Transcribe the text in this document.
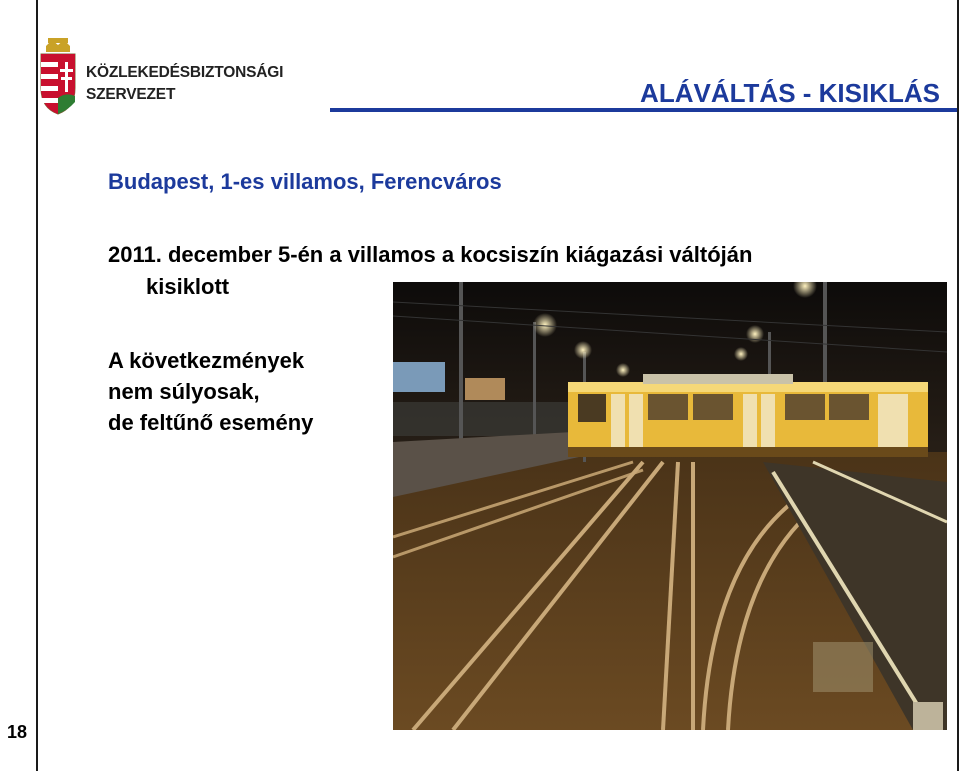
18
KÖZLEKEDÉSBIZTONSÁGI
SZERVEZET	ALÁVÁLTÁS - KISIKLÁS
Budapest, 1-es villamos, Ferencváros
2011. december 5-én a villamos a kocsiszín kiágazási váltóján
kisiklott
A következmények
nem súlyosak,
de feltűnő esemény
